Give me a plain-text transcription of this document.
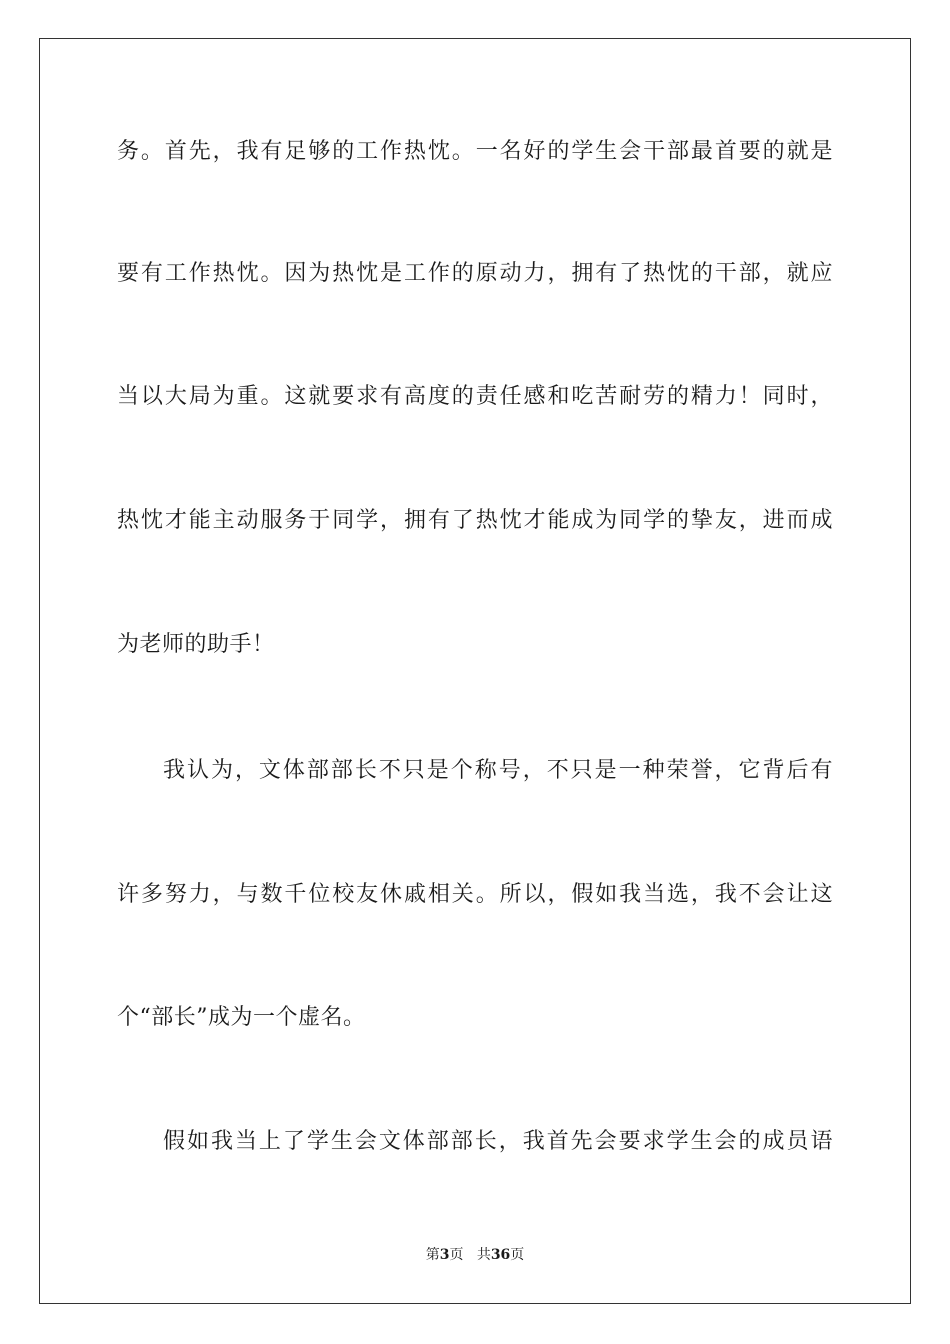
务。首先，我有足够的工作热忱。一名好的学生会干部最首要的就是
要有工作热忱。因为热忱是工作的原动力，拥有了热忱的干部，就应
当以大局为重。这就要求有高度的责任感和吃苦耐劳的精力！同时，
热忱才能主动服务于同学，拥有了热忱才能成为同学的挚友，进而成
为老师的助手！
我认为，文体部部长不只是个称号，不只是一种荣誉，它背后有
许多努力，与数千位校友休戚相关。所以，假如我当选，我不会让这
个“部长”成为一个虚名。
假如我当上了学生会文体部部长，我首先会要求学生会的成员语
第3页 共36页
